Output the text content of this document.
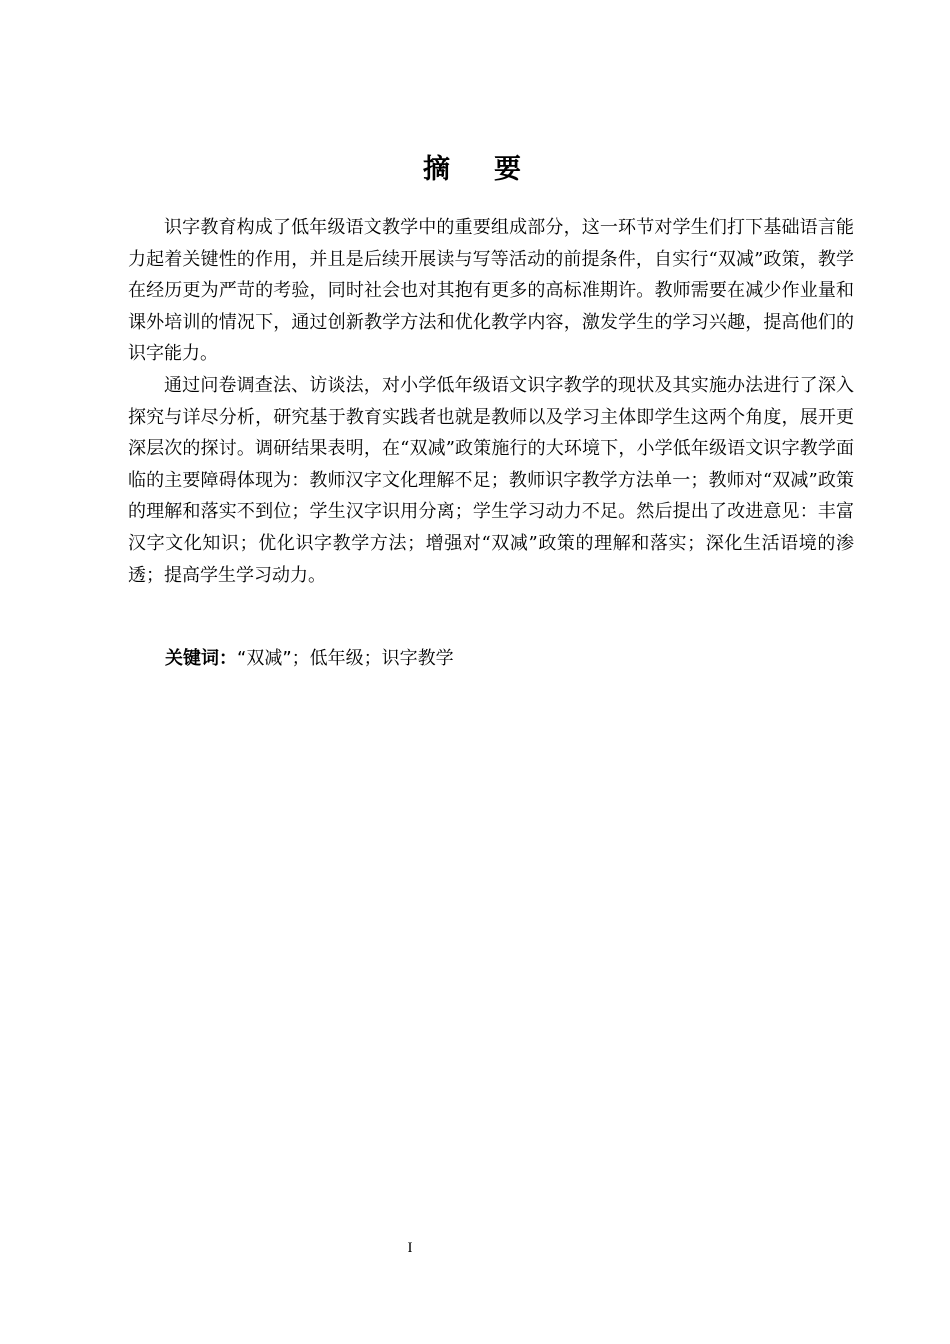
摘要

识字教育构成了低年级语文教学中的重要组成部分，这一环节对学生们打下基础语言能力起着关键性的作用，并且是后续开展读与写等活动的前提条件，自实行“双减”政策，教学在经历更为严苛的考验，同时社会也对其抱有更多的高标准期许。教师需要在减少作业量和课外培训的情况下，通过创新教学方法和优化教学内容，激发学生的学习兴趣，提高他们的识字能力。

通过问卷调查法、访谈法，对小学低年级语文识字教学的现状及其实施办法进行了深入探究与详尽分析，研究基于教育实践者也就是教师以及学习主体即学生这两个角度，展开更深层次的探讨。调研结果表明，在“双减”政策施行的大环境下，小学低年级语文识字教学面临的主要障碍体现为：教师汉字文化理解不足；教师识字教学方法单一；教师对“双减”政策的理解和落实不到位；学生汉字识用分离；学生学习动力不足。然后提出了改进意见：丰富汉字文化知识；优化识字教学方法；增强对“双减”政策的理解和落实；深化生活语境的渗透；提高学生学习动力。

关键词：“双减”；低年级；识字教学
I
